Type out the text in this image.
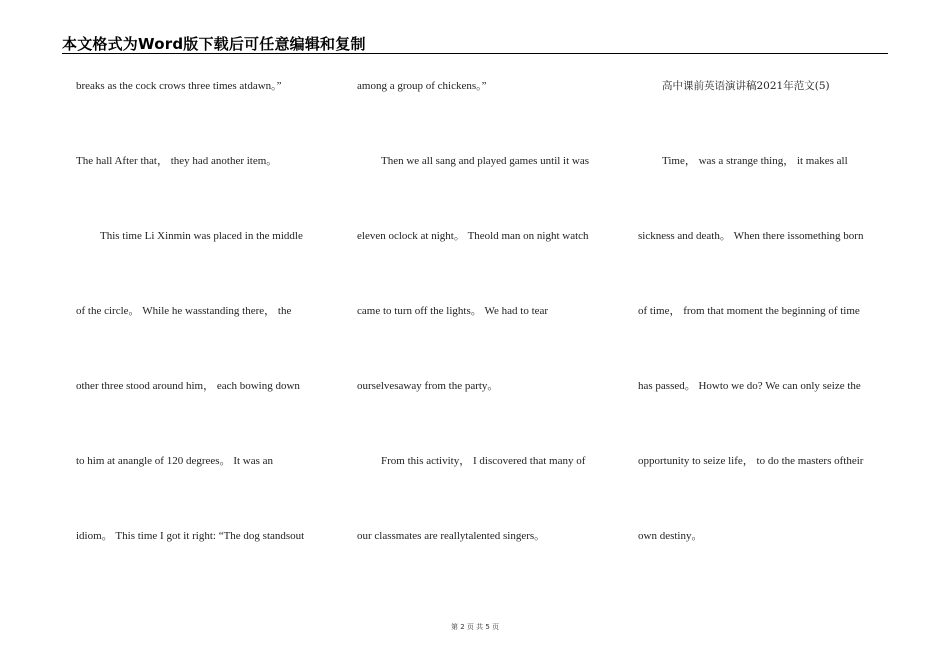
本文格式为Word版下载后可任意编辑和复制
breaks as the cock crows three times atdawn。”
The hall After that， they had another item。
This time Li Xinmin was placed in the middle
of the circle。 While he wasstanding there， the
other three stood around him， each bowing down
to him at anangle of 120 degrees。 It was an
idiom。 This time I got it right: “The dog standsout
among a group of chickens。”
Then we all sang and played games until it was
eleven oclock at night。 Theold man on night watch
came to turn off the lights。 We had to tear
ourselvesaway from the party。
From this activity， I discovered that many of
our classmates are reallytalented singers。
高中课前英语演讲稿2021年范文(5)
Time， was a strange thing， it makes all
sickness and death。 When there issomething born
of time， from that moment the beginning of time
has passed。 Howto we do? We can only seize the
opportunity to seize life， to do the masters oftheir
own destiny。
第 2 页 共 5 页
